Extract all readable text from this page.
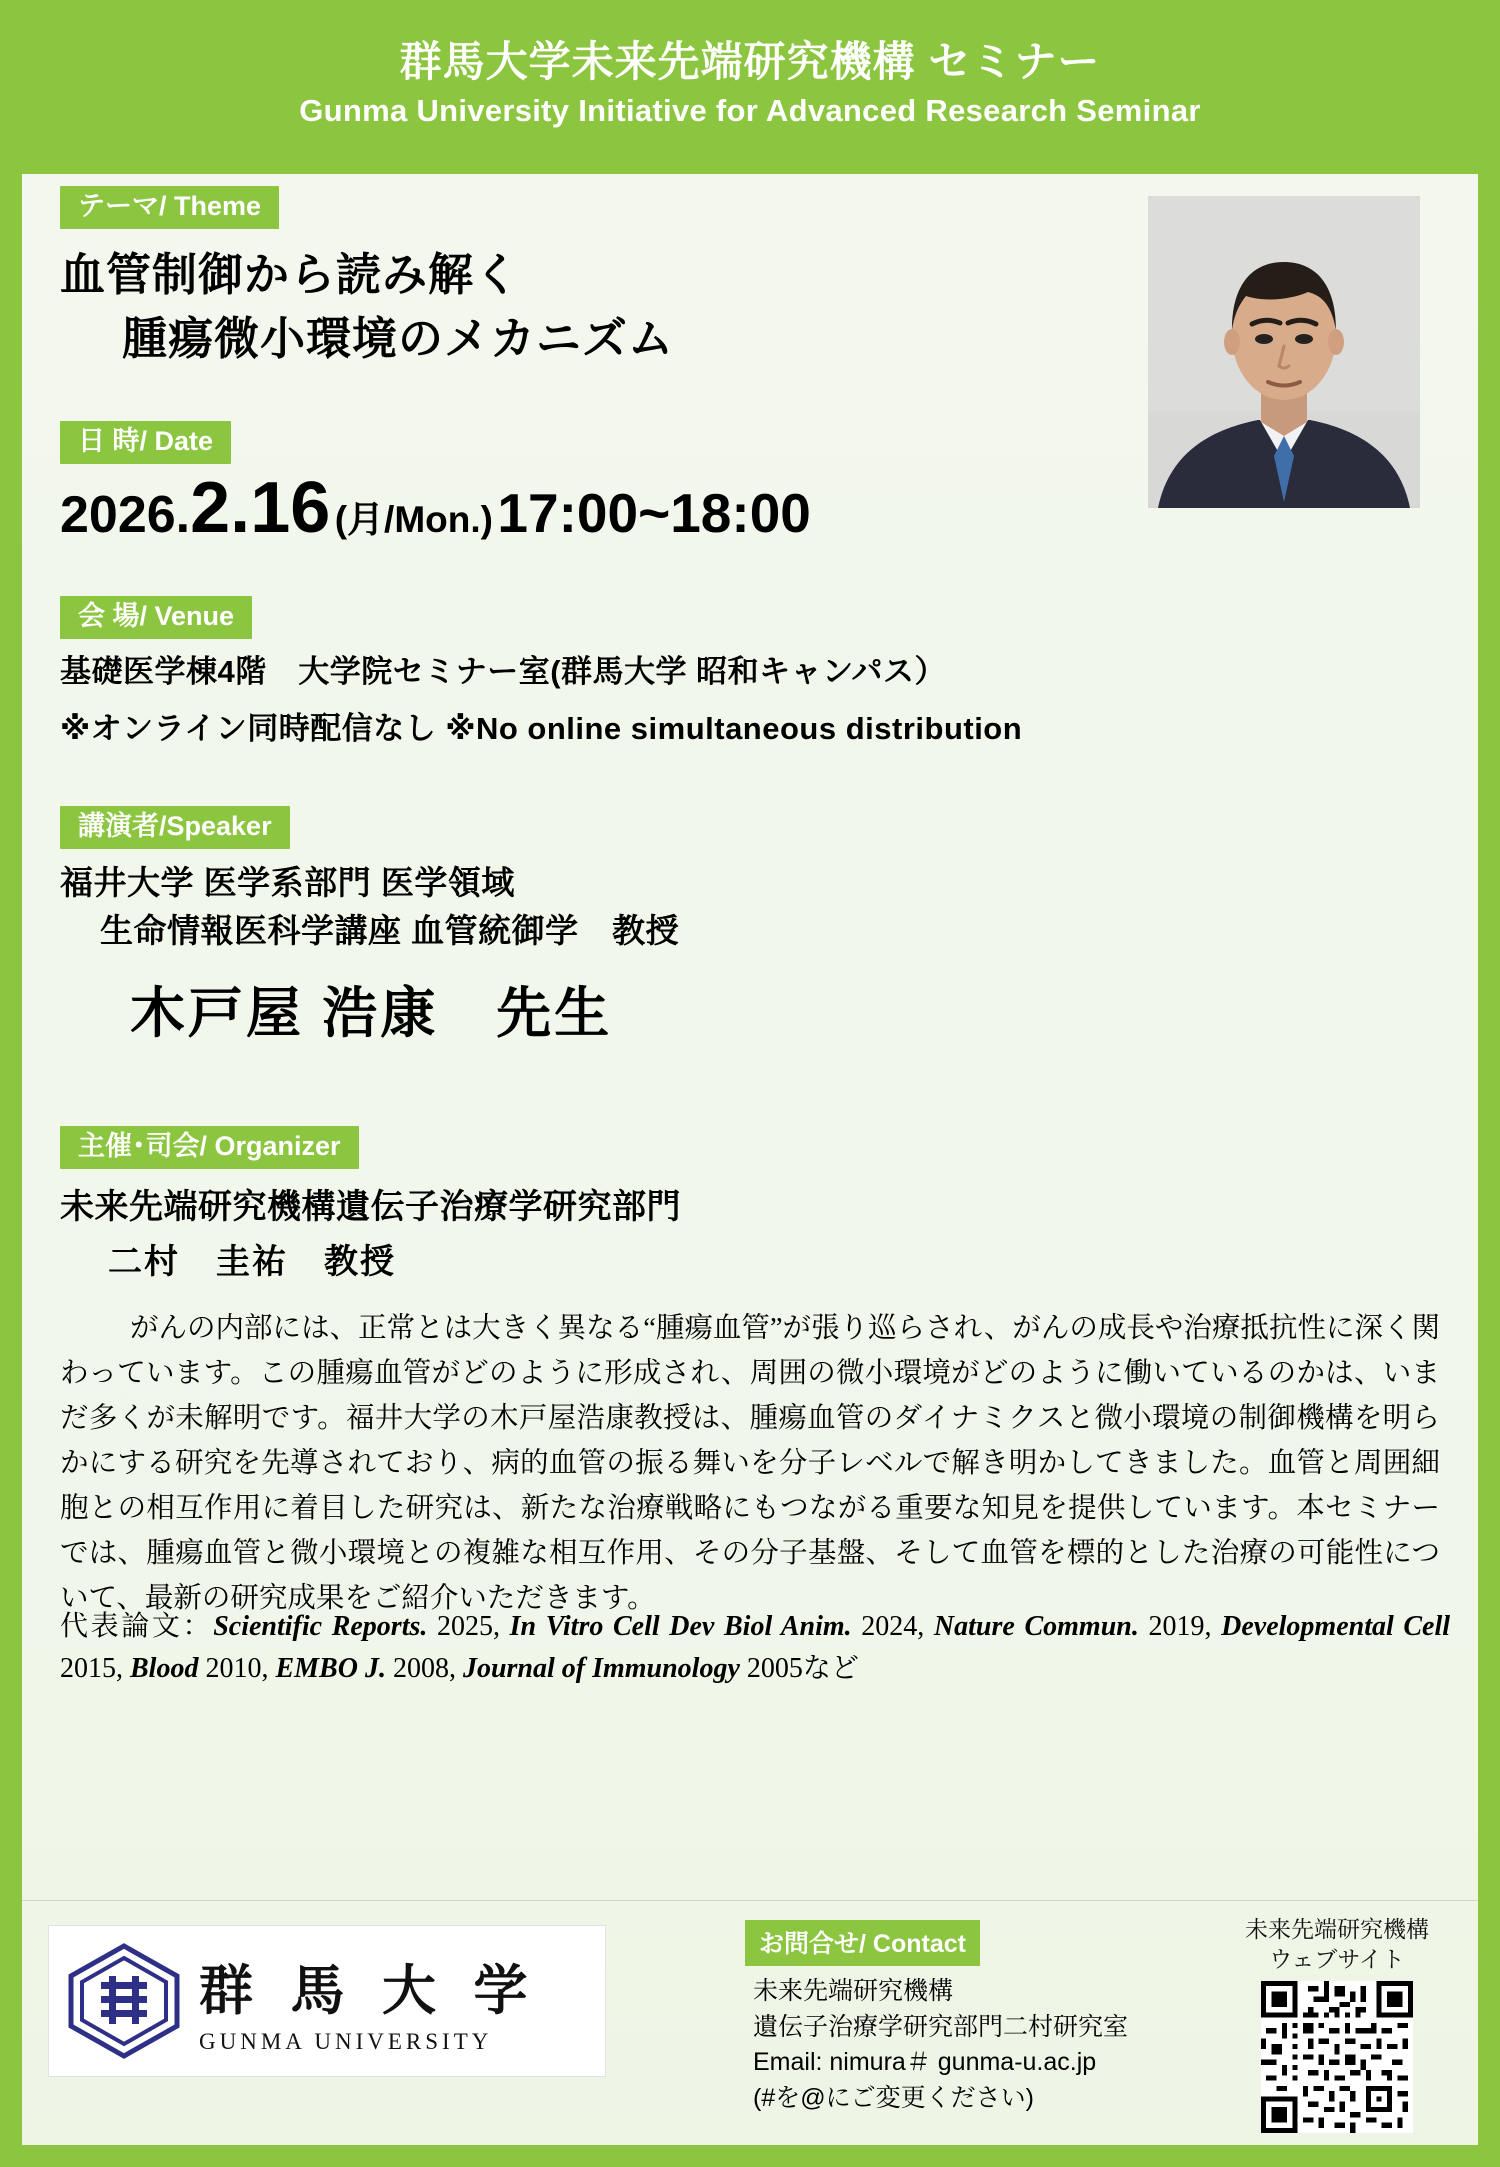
群馬大学未来先端研究機構 セミナー
Gunma University Initiative for Advanced Research Seminar
テーマ/ Theme
血管制御から読み解く
腫瘍微小環境のメカニズム
日 時/ Date
2026.2.16 (月/Mon.) 17:00~18:00
会 場/ Venue
基礎医学棟4階　大学院セミナー室(群馬大学 昭和キャンパス）
※オンライン同時配信なし ※No online simultaneous distribution
講演者/Speaker
福井大学 医学系部門 医学領域
生命情報医科学講座 血管統御学　教授
木戸屋 浩康　先生
主催･司会/ Organizer
未来先端研究機構遺伝子治療学研究部門
二村　圭祐　教授
がんの内部には、正常とは大きく異なる“腫瘍血管”が張り巡らされ、がんの成長や治療抵抗性に深く関わっています。この腫瘍血管がどのように形成され、周囲の微小環境がどのように働いているのかは、いまだ多くが未解明です。福井大学の木戸屋浩康教授は、腫瘍血管のダイナミクスと微小環境の制御機構を明らかにする研究を先導されており、病的血管の振る舞いを分子レベルで解き明かしてきました。血管と周囲細胞との相互作用に着目した研究は、新たな治療戦略にもつながる重要な知見を提供しています。本セミナーでは、腫瘍血管と微小環境との複雑な相互作用、その分子基盤、そして血管を標的とした治療の可能性について、最新の研究成果をご紹介いただきます。
代表論文：Scientific Reports. 2025, In Vitro Cell Dev Biol Anim. 2024, Nature Commun. 2019, Developmental Cell 2015, Blood 2010, EMBO J. 2008, Journal of Immunology 2005など
群 馬 大 学
GUNMA UNIVERSITY
お問合せ/ Contact
未来先端研究機構
遺伝子治療学研究部門二村研究室
Email: nimura＃ gunma-u.ac.jp
(#を@にご変更ください)
未来先端研究機構
ウェブサイト
